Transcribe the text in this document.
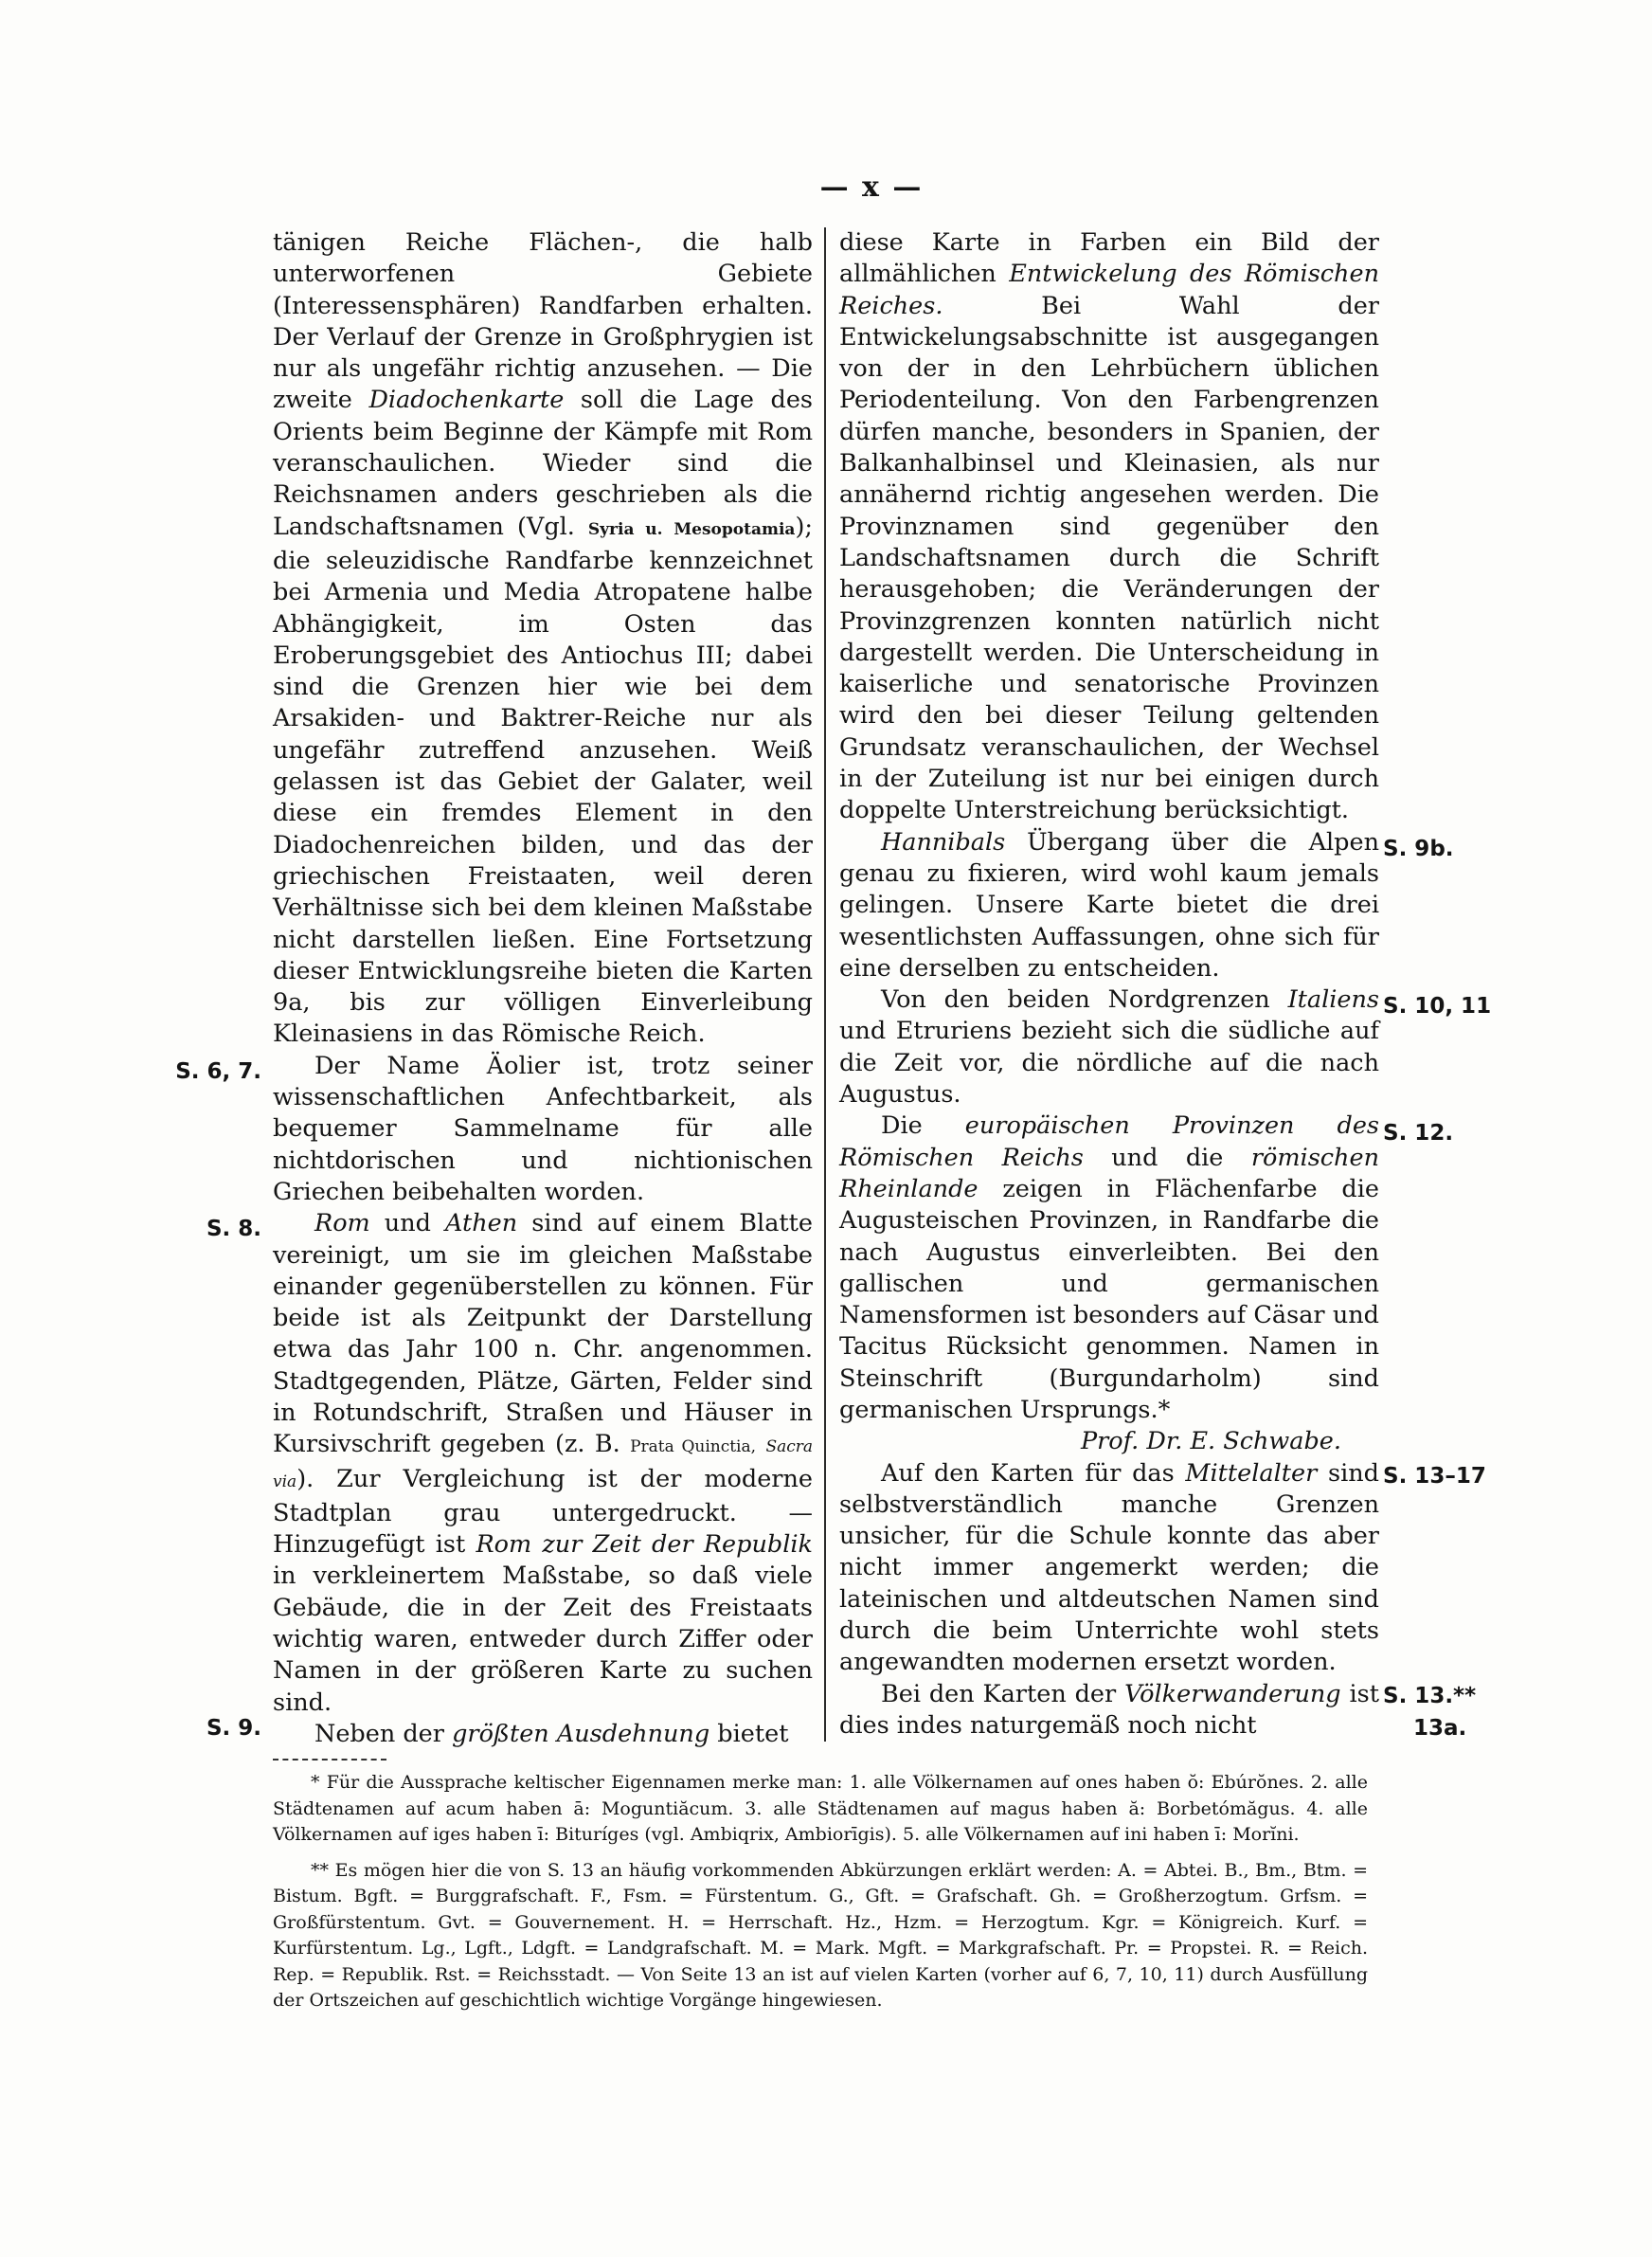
— x —

tänigen Reiche Flächen-, die halb unterworfenen Gebiete (Interessensphären) Randfarben erhalten. Der Verlauf der Grenze in Großphrygien ist nur als ungefähr richtig anzusehen. — Die zweite Diadochenkarte soll die Lage des Orients beim Beginne der Kämpfe mit Rom veranschaulichen. Wieder sind die Reichsnamen anders geschrieben als die Landschaftsnamen (Vgl. Syria u. Mesopotamia); die seleuzidische Randfarbe kennzeichnet bei Armenia und Media Atropatene halbe Abhängigkeit, im Osten das Eroberungsgebiet des Antiochus III; dabei sind die Grenzen hier wie bei dem Arsakiden- und Baktrer-Reiche nur als ungefähr zutreffend anzusehen. Weiß gelassen ist das Gebiet der Galater, weil diese ein fremdes Element in den Diadochenreichen bilden, und das der griechischen Freistaaten, weil deren Verhältnisse sich bei dem kleinen Maßstabe nicht darstellen ließen. Eine Fortsetzung dieser Entwicklungsreihe bieten die Karten 9a, bis zur völligen Einverleibung Kleinasiens in das Römische Reich.

Der Name Äolier ist, trotz seiner wissenschaftlichen Anfechtbarkeit, als bequemer Sammelname für alle nichtdorischen und nichtionischen Griechen beibehalten worden.

Rom und Athen sind auf einem Blatte vereinigt, um sie im gleichen Maßstabe einander gegenüberstellen zu können. Für beide ist als Zeitpunkt der Darstellung etwa das Jahr 100 n. Chr. angenommen. Stadtgegenden, Plätze, Gärten, Felder sind in Rotundschrift, Straßen und Häuser in Kursivschrift gegeben (z. B. Prata Quinctia, Sacra via). Zur Vergleichung ist der moderne Stadtplan grau untergedruckt. — Hinzugefügt ist Rom zur Zeit der Republik in verkleinertem Maßstabe, so daß viele Gebäude, die in der Zeit des Freistaats wichtig waren, entweder durch Ziffer oder Namen in der größeren Karte zu suchen sind.

Neben der größten Ausdehnung bietet

diese Karte in Farben ein Bild der allmählichen Entwickelung des Römischen Reiches. Bei Wahl der Entwickelungsabschnitte ist ausgegangen von der in den Lehrbüchern üblichen Periodenteilung. Von den Farbengrenzen dürfen manche, besonders in Spanien, der Balkanhalbinsel und Kleinasien, als nur annähernd richtig angesehen werden. Die Provinznamen sind gegenüber den Landschaftsnamen durch die Schrift herausgehoben; die Veränderungen der Provinzgrenzen konnten natürlich nicht dargestellt werden. Die Unterscheidung in kaiserliche und senatorische Provinzen wird den bei dieser Teilung geltenden Grundsatz veranschaulichen, der Wechsel in der Zuteilung ist nur bei einigen durch doppelte Unterstreichung berücksichtigt.

Hannibals Übergang über die Alpen genau zu fixieren, wird wohl kaum jemals gelingen. Unsere Karte bietet die drei wesentlichsten Auffassungen, ohne sich für eine derselben zu entscheiden.

Von den beiden Nordgrenzen Italiens und Etruriens bezieht sich die südliche auf die Zeit vor, die nördliche auf die nach Augustus.

Die europäischen Provinzen des Römischen Reichs und die römischen Rheinlande zeigen in Flächenfarbe die Augusteischen Provinzen, in Randfarbe die nach Augustus einverleibten. Bei den gallischen und germanischen Namensformen ist besonders auf Cäsar und Tacitus Rücksicht genommen. Namen in Steinschrift (Burgundarholm) sind germanischen Ursprungs.*

Prof. Dr. E. Schwabe.

Auf den Karten für das Mittelalter sind selbstverständlich manche Grenzen unsicher, für die Schule konnte das aber nicht immer angemerkt werden; die lateinischen und altdeutschen Namen sind durch die beim Unterrichte wohl stets angewandten modernen ersetzt worden.

Bei den Karten der Völkerwanderung ist dies indes naturgemäß noch nicht

S. 6, 7.
S. 8.
S. 9.
S. 9b.
S. 10, 11
S. 12.
S. 13–17
S. 13.**
13a.

* Für die Aussprache keltischer Eigennamen merke man: 1. alle Völkernamen auf ones haben ŏ: Ebúrŏnes. 2. alle Städtenamen auf acum haben ā: Moguntiăcum. 3. alle Städtenamen auf magus haben ă: Borbetómăgus. 4. alle Völkernamen auf iges haben ī: Bituríges (vgl. Ambiqrix, Ambiorīgis). 5. alle Völkernamen auf ini haben ī: Morĭni.

** Es mögen hier die von S. 13 an häufig vorkommenden Abkürzungen erklärt werden: A. = Abtei. B., Bm., Btm. = Bistum. Bgft. = Burggrafschaft. F., Fsm. = Fürstentum. G., Gft. = Grafschaft. Gh. = Großherzogtum. Grfsm. = Großfürstentum. Gvt. = Gouvernement. H. = Herrschaft. Hz., Hzm. = Herzogtum. Kgr. = Königreich. Kurf. = Kurfürstentum. Lg., Lgft., Ldgft. = Landgrafschaft. M. = Mark. Mgft. = Markgrafschaft. Pr. = Propstei. R. = Reich. Rep. = Republik. Rst. = Reichsstadt. — Von Seite 13 an ist auf vielen Karten (vorher auf 6, 7, 10, 11) durch Ausfüllung der Ortszeichen auf geschichtlich wichtige Vorgänge hingewiesen.
